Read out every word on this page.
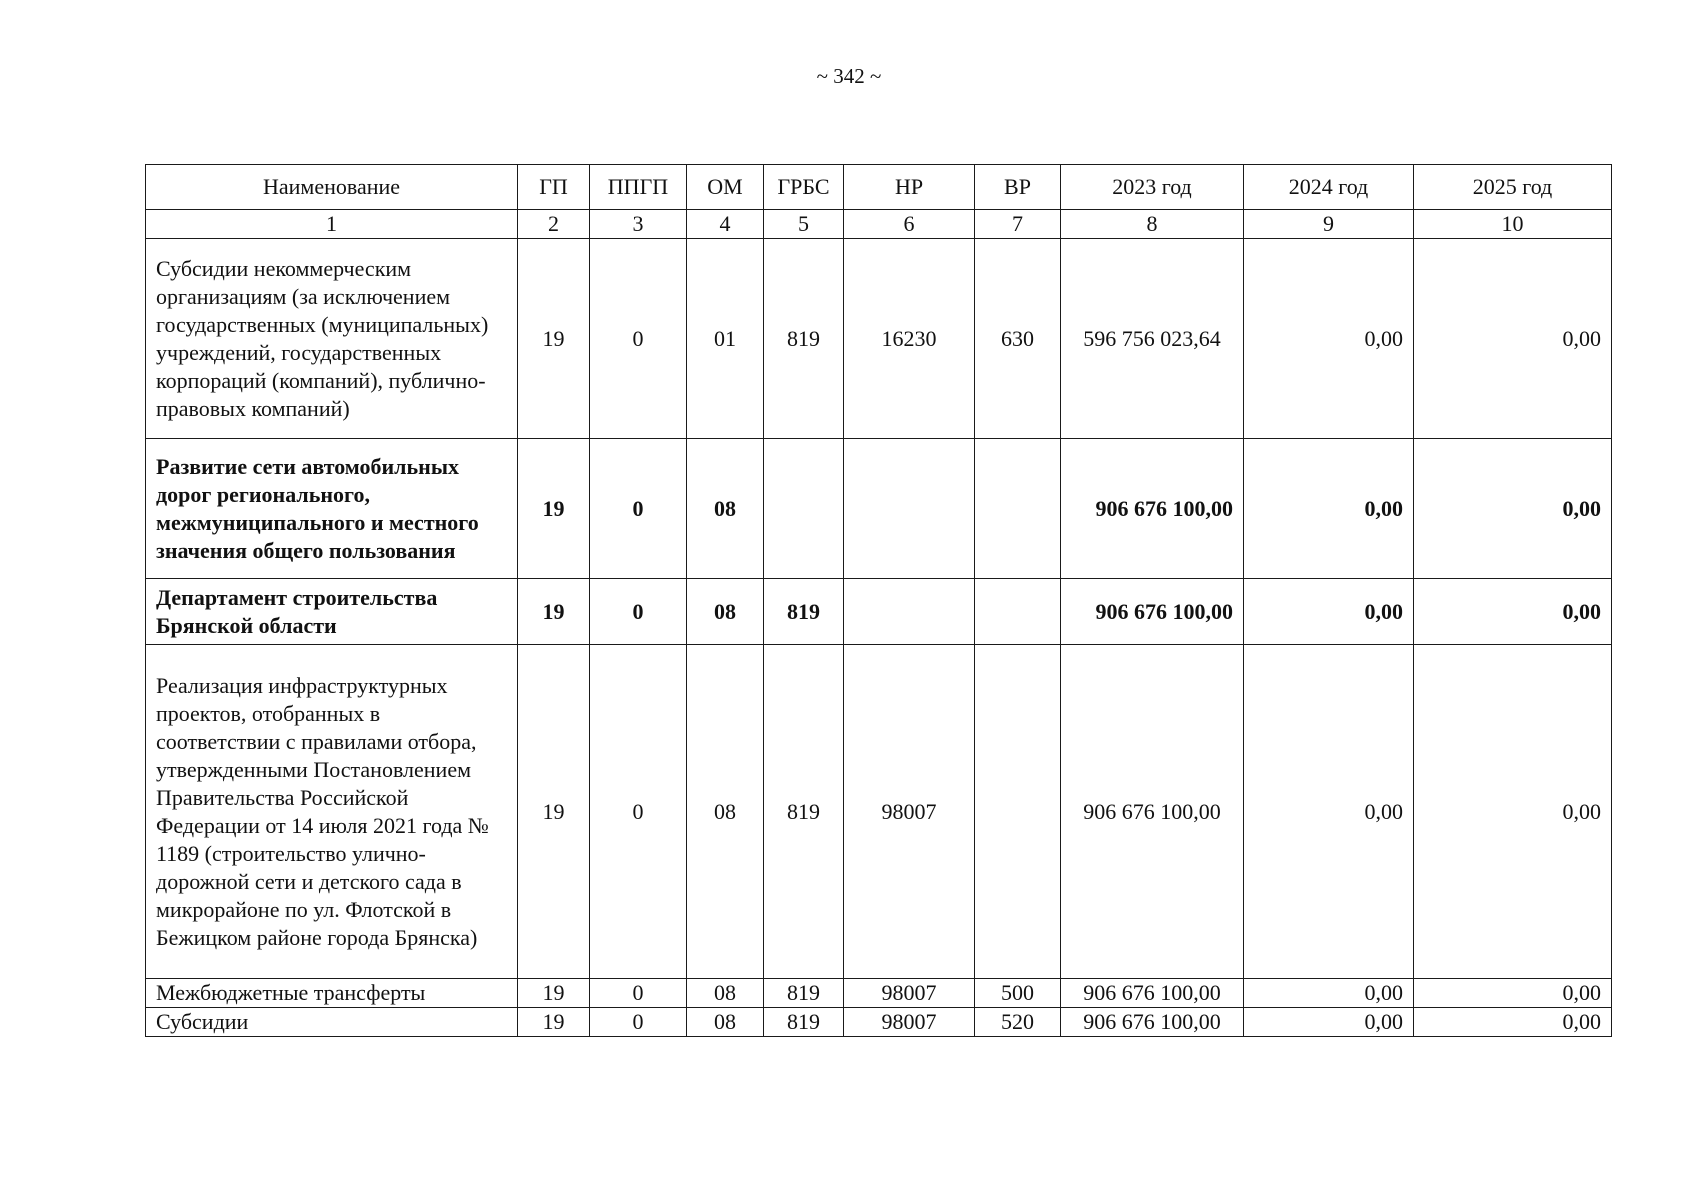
~ 342 ~
Наименование	ГП	ППГП	ОМ	ГРБС	НР	ВР	2023 год	2024 год	2025 год
1	2	3	4	5	6	7	8	9	10
Субсидии некоммерческим организациям (за исключением государственных (муниципальных) учреждений, государственных корпораций (компаний), публично-правовых компаний)	19	0	01	819	16230	630	596 756 023,64	0,00	0,00
Развитие сети автомобильных дорог регионального, межмуниципального и местного значения общего пользования	19	0	08				906 676 100,00	0,00	0,00
Департамент строительства Брянской области	19	0	08	819			906 676 100,00	0,00	0,00
Реализация инфраструктурных проектов, отобранных в соответствии с правилами отбора, утвержденными Постановлением Правительства Российской Федерации от 14 июля 2021 года № 1189 (строительство улично-дорожной сети и детского сада в микрорайоне по ул. Флотской в Бежицком районе города Брянска)	19	0	08	819	98007		906 676 100,00	0,00	0,00
Межбюджетные трансферты	19	0	08	819	98007	500	906 676 100,00	0,00	0,00
Субсидии	19	0	08	819	98007	520	906 676 100,00	0,00	0,00
